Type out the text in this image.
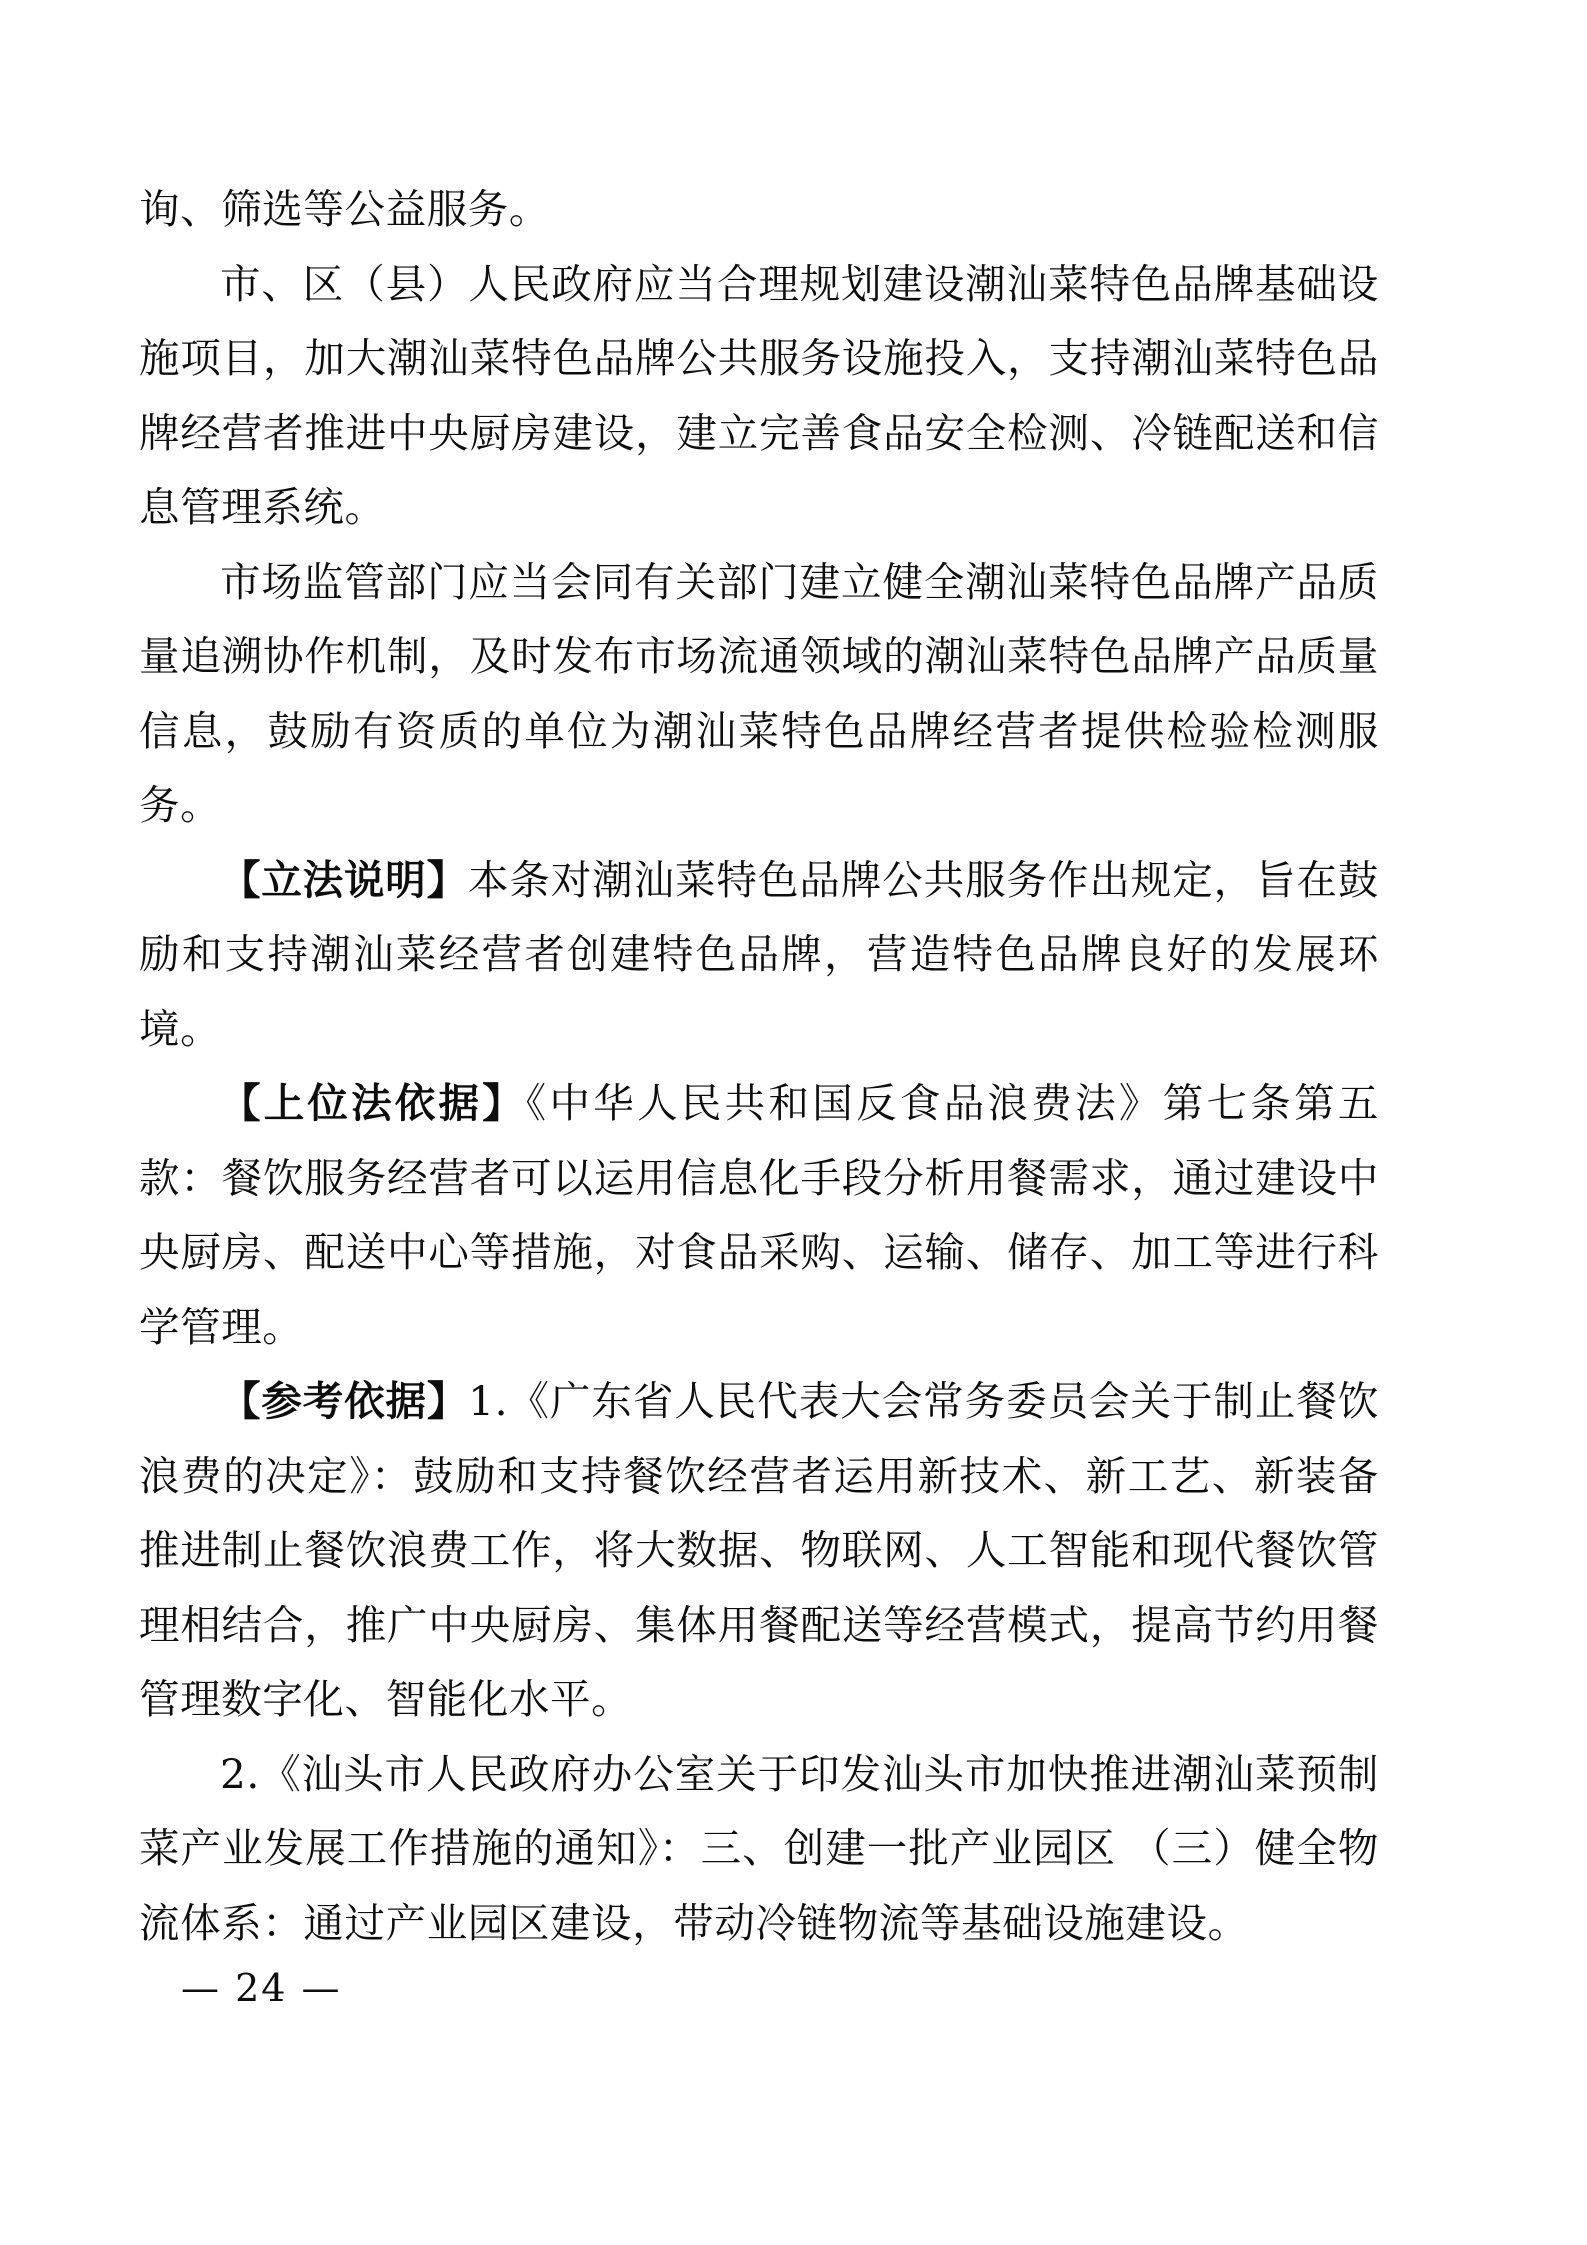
询、筛选等公益服务。

市、区（县）人民政府应当合理规划建设潮汕菜特色品牌基础设施项目，加大潮汕菜特色品牌公共服务设施投入，支持潮汕菜特色品牌经营者推进中央厨房建设，建立完善食品安全检测、冷链配送和信息管理系统。

市场监管部门应当会同有关部门建立健全潮汕菜特色品牌产品质量追溯协作机制，及时发布市场流通领域的潮汕菜特色品牌产品质量信息，鼓励有资质的单位为潮汕菜特色品牌经营者提供检验检测服务。

【立法说明】本条对潮汕菜特色品牌公共服务作出规定，旨在鼓励和支持潮汕菜经营者创建特色品牌，营造特色品牌良好的发展环境。

【上位法依据】《中华人民共和国反食品浪费法》第七条第五款：餐饮服务经营者可以运用信息化手段分析用餐需求，通过建设中央厨房、配送中心等措施，对食品采购、运输、储存、加工等进行科学管理。

【参考依据】1.《广东省人民代表大会常务委员会关于制止餐饮浪费的决定》：鼓励和支持餐饮经营者运用新技术、新工艺、新装备推进制止餐饮浪费工作，将大数据、物联网、人工智能和现代餐饮管理相结合，推广中央厨房、集体用餐配送等经营模式，提高节约用餐管理数字化、智能化水平。

2.《汕头市人民政府办公室关于印发汕头市加快推进潮汕菜预制菜产业发展工作措施的通知》：三、创建一批产业园区 （三）健全物流体系：通过产业园区建设，带动冷链物流等基础设施建设。

— 24 —
